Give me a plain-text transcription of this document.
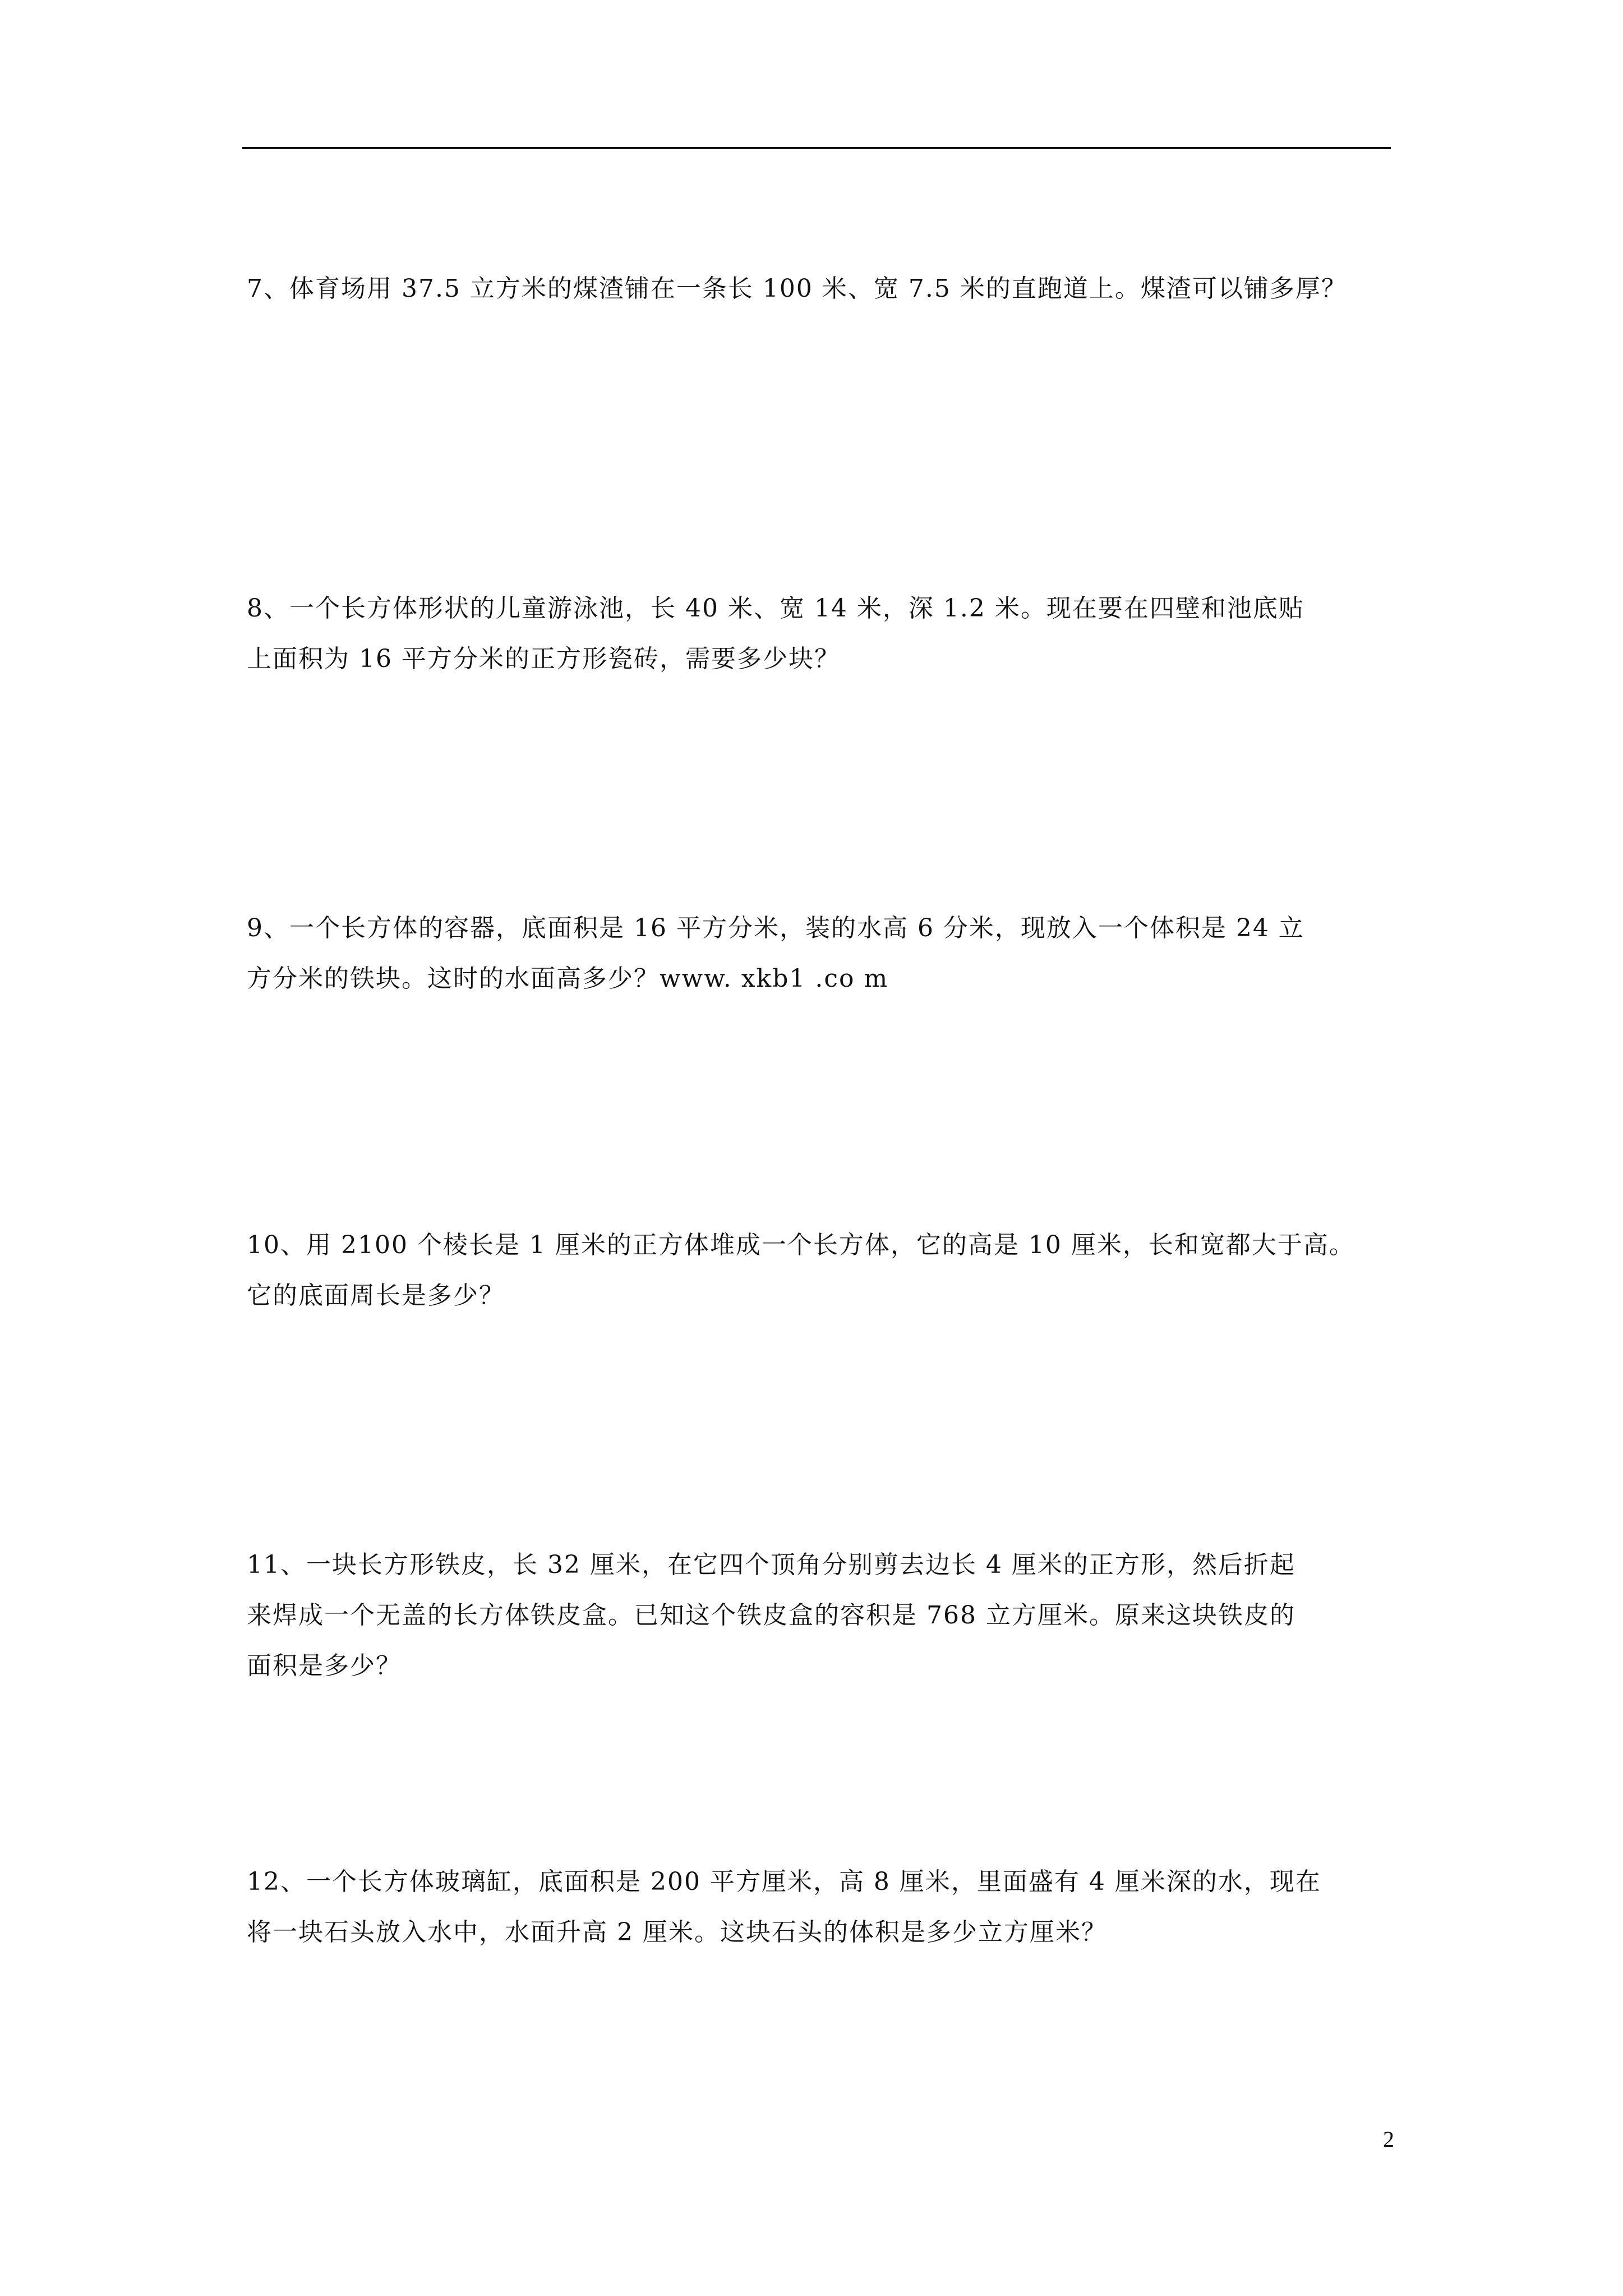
7、体育场用 37.5 立方米的煤渣铺在一条长 100 米、宽 7.5 米的直跑道上。煤渣可以铺多厚？
8、一个长方体形状的儿童游泳池，长 40 米、宽 14 米，深 1.2 米。现在要在四壁和池底贴
上面积为 16 平方分米的正方形瓷砖，需要多少块？
9、一个长方体的容器，底面积是 16 平方分米，装的水高 6 分米，现放入一个体积是 24 立
方分米的铁块。这时的水面高多少？www. xkb1 .co m
10、用 2100 个棱长是 1 厘米的正方体堆成一个长方体，它的高是 10 厘米，长和宽都大于高。
它的底面周长是多少？
11、一块长方形铁皮，长 32 厘米，在它四个顶角分别剪去边长 4 厘米的正方形，然后折起
来焊成一个无盖的长方体铁皮盒。已知这个铁皮盒的容积是 768 立方厘米。原来这块铁皮的
面积是多少？
12、一个长方体玻璃缸，底面积是 200 平方厘米，高 8 厘米，里面盛有 4 厘米深的水，现在
将一块石头放入水中，水面升高 2 厘米。这块石头的体积是多少立方厘米？
2
